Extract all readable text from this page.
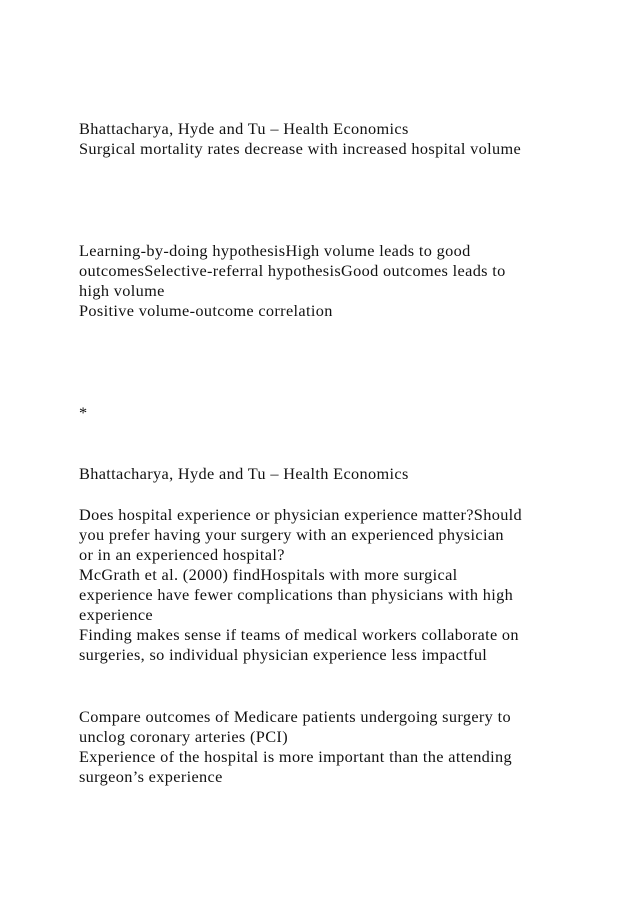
Bhattacharya, Hyde and Tu – Health Economics
Surgical mortality rates decrease with increased hospital volume
Learning-by-doing hypothesisHigh volume leads to good
outcomesSelective-referral hypothesisGood outcomes leads to
high volume
Positive volume-outcome correlation
*
Bhattacharya, Hyde and Tu – Health Economics
Does hospital experience or physician experience matter?Should
you prefer having your surgery with an experienced physician
or in an experienced hospital?
McGrath et al. (2000) findHospitals with more surgical
experience have fewer complications than physicians with high
experience
Finding makes sense if teams of medical workers collaborate on
surgeries, so individual physician experience less impactful
Compare outcomes of Medicare patients undergoing surgery to
unclog coronary arteries (PCI)
Experience of the hospital is more important than the attending
surgeon’s experience
